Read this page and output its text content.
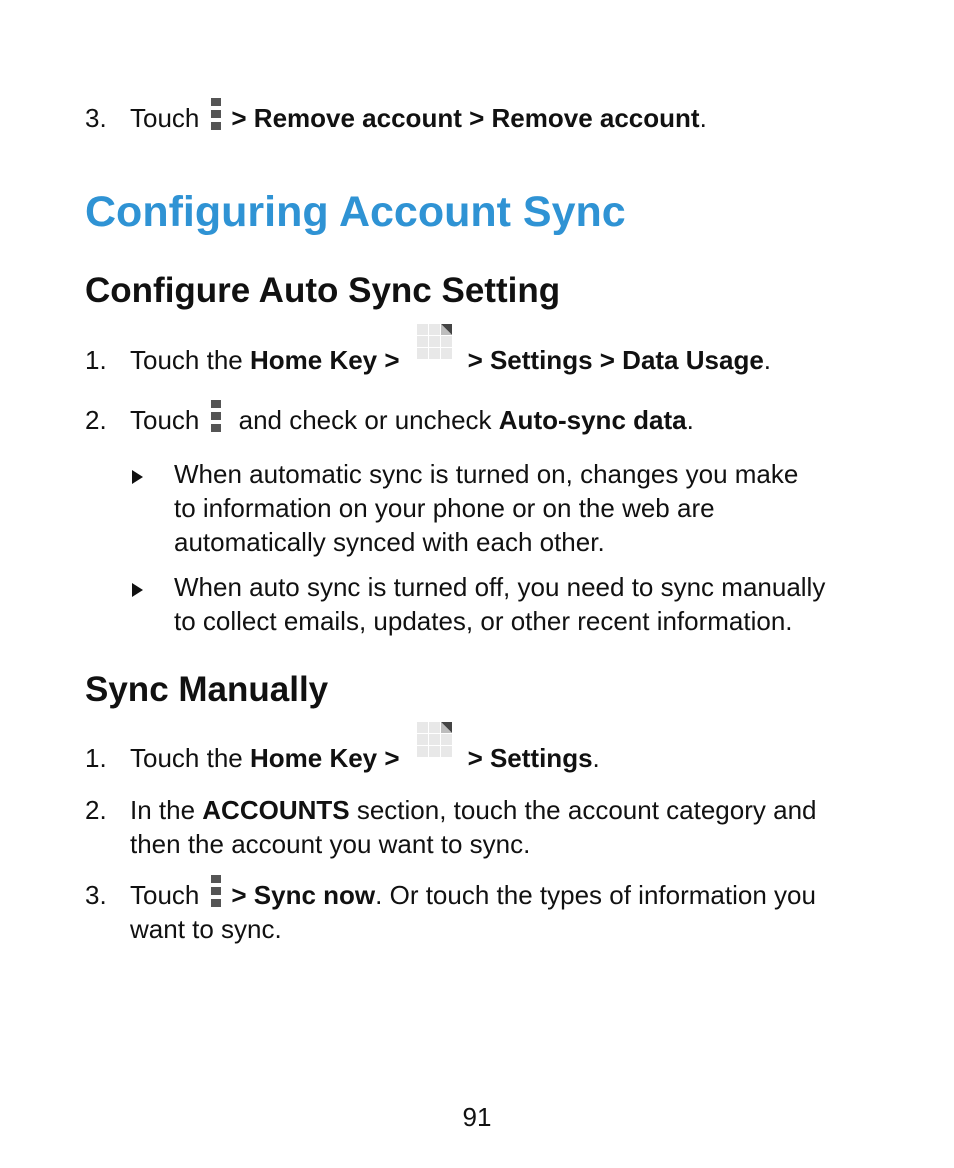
3. Touch > Remove account > Remove account.
Configuring Account Sync
Configure Auto Sync Setting
1. Touch the Home Key >	> Settings > Data Usage.
2. Touch
and check or uncheck Auto-sync data.
When automatic sync is turned on, changes you make
to information on your phone or on the web are
automatically synced with each other.
When auto sync is turned off, you need to sync manually
to collect emails, updates, or other recent information.
Sync Manually
1. Touch the Home Key >	> Settings.
2. In the ACCOUNTS section, touch the account category and
then the account you want to sync.
3. Touch > Sync now. Or touch the types of information you
want to sync.
91
